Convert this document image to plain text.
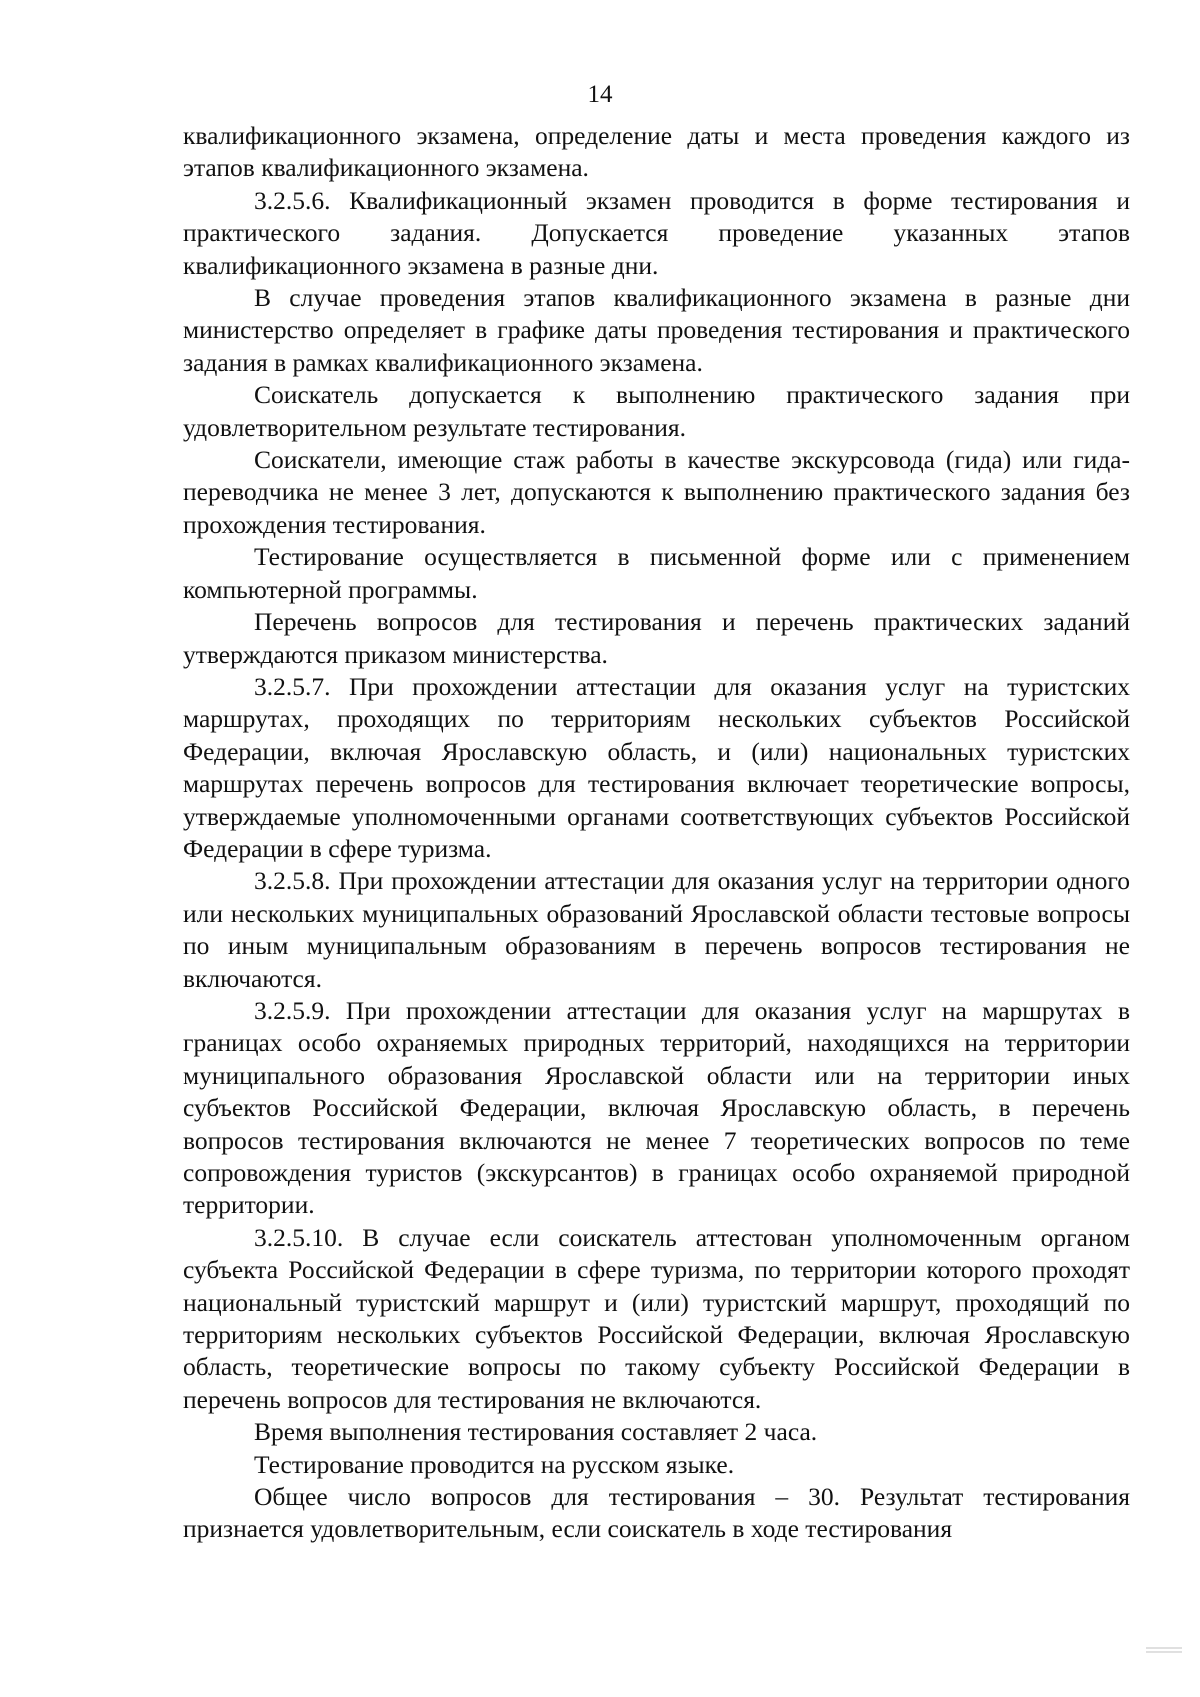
14

квалификационного экзамена, определение даты и места проведения каждого из этапов квалификационного экзамена.

3.2.5.6. Квалификационный экзамен проводится в форме тестирования и практического задания. Допускается проведение указанных этапов квалификационного экзамена в разные дни.

В случае проведения этапов квалификационного экзамена в разные дни министерство определяет в графике даты проведения тестирования и практического задания в рамках квалификационного экзамена.

Соискатель допускается к выполнению практического задания при удовлетворительном результате тестирования.

Соискатели, имеющие стаж работы в качестве экскурсовода (гида) или гида-переводчика не менее 3 лет, допускаются к выполнению практического задания без прохождения тестирования.

Тестирование осуществляется в письменной форме или с применением компьютерной программы.

Перечень вопросов для тестирования и перечень практических заданий утверждаются приказом министерства.

3.2.5.7. При прохождении аттестации для оказания услуг на туристских маршрутах, проходящих по территориям нескольких субъектов Российской Федерации, включая Ярославскую область, и (или) национальных туристских маршрутах перечень вопросов для тестирования включает теоретические вопросы, утверждаемые уполномоченными органами соответствующих субъектов Российской Федерации в сфере туризма.

3.2.5.8. При прохождении аттестации для оказания услуг на территории одного или нескольких муниципальных образований Ярославской области тестовые вопросы по иным муниципальным образованиям в перечень вопросов тестирования не включаются.

3.2.5.9. При прохождении аттестации для оказания услуг на маршрутах в границах особо охраняемых природных территорий, находящихся на территории муниципального образования Ярославской области или на территории иных субъектов Российской Федерации, включая Ярославскую область, в перечень вопросов тестирования включаются не менее 7 теоретических вопросов по теме сопровождения туристов (экскурсантов) в границах особо охраняемой природной территории.

3.2.5.10. В случае если соискатель аттестован уполномоченным органом субъекта Российской Федерации в сфере туризма, по территории которого проходят национальный туристский маршрут и (или) туристский маршрут, проходящий по территориям нескольких субъектов Российской Федерации, включая Ярославскую область, теоретические вопросы по такому субъекту Российской Федерации в перечень вопросов для тестирования не включаются.

Время выполнения тестирования составляет 2 часа.

Тестирование проводится на русском языке.

Общее число вопросов для тестирования – 30. Результат тестирования признается удовлетворительным, если соискатель в ходе тестирования
